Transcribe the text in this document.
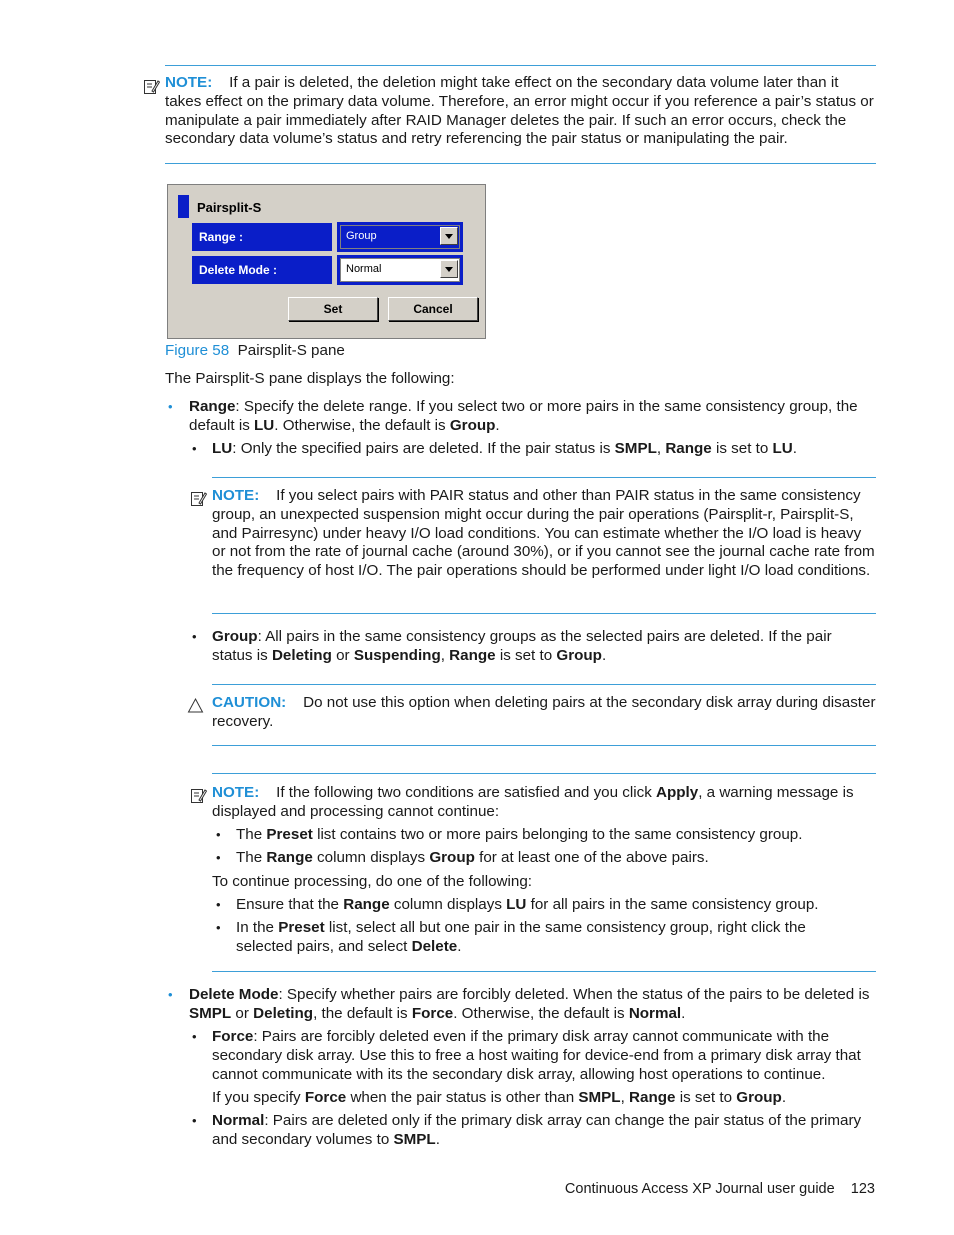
NOTE: If a pair is deleted, the deletion might take effect on the secondary data volume later than it takes effect on the primary data volume. Therefore, an error might occur if you reference a pair’s status or manipulate a pair immediately after RAID Manager deletes the pair. If such an error occurs, check the secondary data volume’s status and retry referencing the pair status or manipulating the pair.
Pairsplit-S
Range :	Group
Delete Mode :	Normal
Set	Cancel
Figure 58 Pairsplit-S pane
The Pairsplit-S pane displays the following:
• Range: Specify the delete range. If you select two or more pairs in the same consistency group, the default is LU. Otherwise, the default is Group.
• LU: Only the specified pairs are deleted. If the pair status is SMPL, Range is set to LU.
NOTE: If you select pairs with PAIR status and other than PAIR status in the same consistency group, an unexpected suspension might occur during the pair operations (Pairsplit-r, Pairsplit-S, and Pairresync) under heavy I/O load conditions. You can estimate whether the I/O load is heavy or not from the rate of journal cache (around 30%), or if you cannot see the journal cache rate from the frequency of host I/O. The pair operations should be performed under light I/O load conditions.
• Group: All pairs in the same consistency groups as the selected pairs are deleted. If the pair status is Deleting or Suspending, Range is set to Group.
CAUTION: Do not use this option when deleting pairs at the secondary disk array during disaster recovery.
NOTE: If the following two conditions are satisfied and you click Apply, a warning message is displayed and processing cannot continue:
• The Preset list contains two or more pairs belonging to the same consistency group.
• The Range column displays Group for at least one of the above pairs.
To continue processing, do one of the following:
• Ensure that the Range column displays LU for all pairs in the same consistency group.
• In the Preset list, select all but one pair in the same consistency group, right click the selected pairs, and select Delete.
• Delete Mode: Specify whether pairs are forcibly deleted. When the status of the pairs to be deleted is SMPL or Deleting, the default is Force. Otherwise, the default is Normal.
• Force: Pairs are forcibly deleted even if the primary disk array cannot communicate with the secondary disk array. Use this to free a host waiting for device-end from a primary disk array that cannot communicate with its the secondary disk array, allowing host operations to continue.
If you specify Force when the pair status is other than SMPL, Range is set to Group.
• Normal: Pairs are deleted only if the primary disk array can change the pair status of the primary and secondary volumes to SMPL.
Continuous Access XP Journal user guide 123
